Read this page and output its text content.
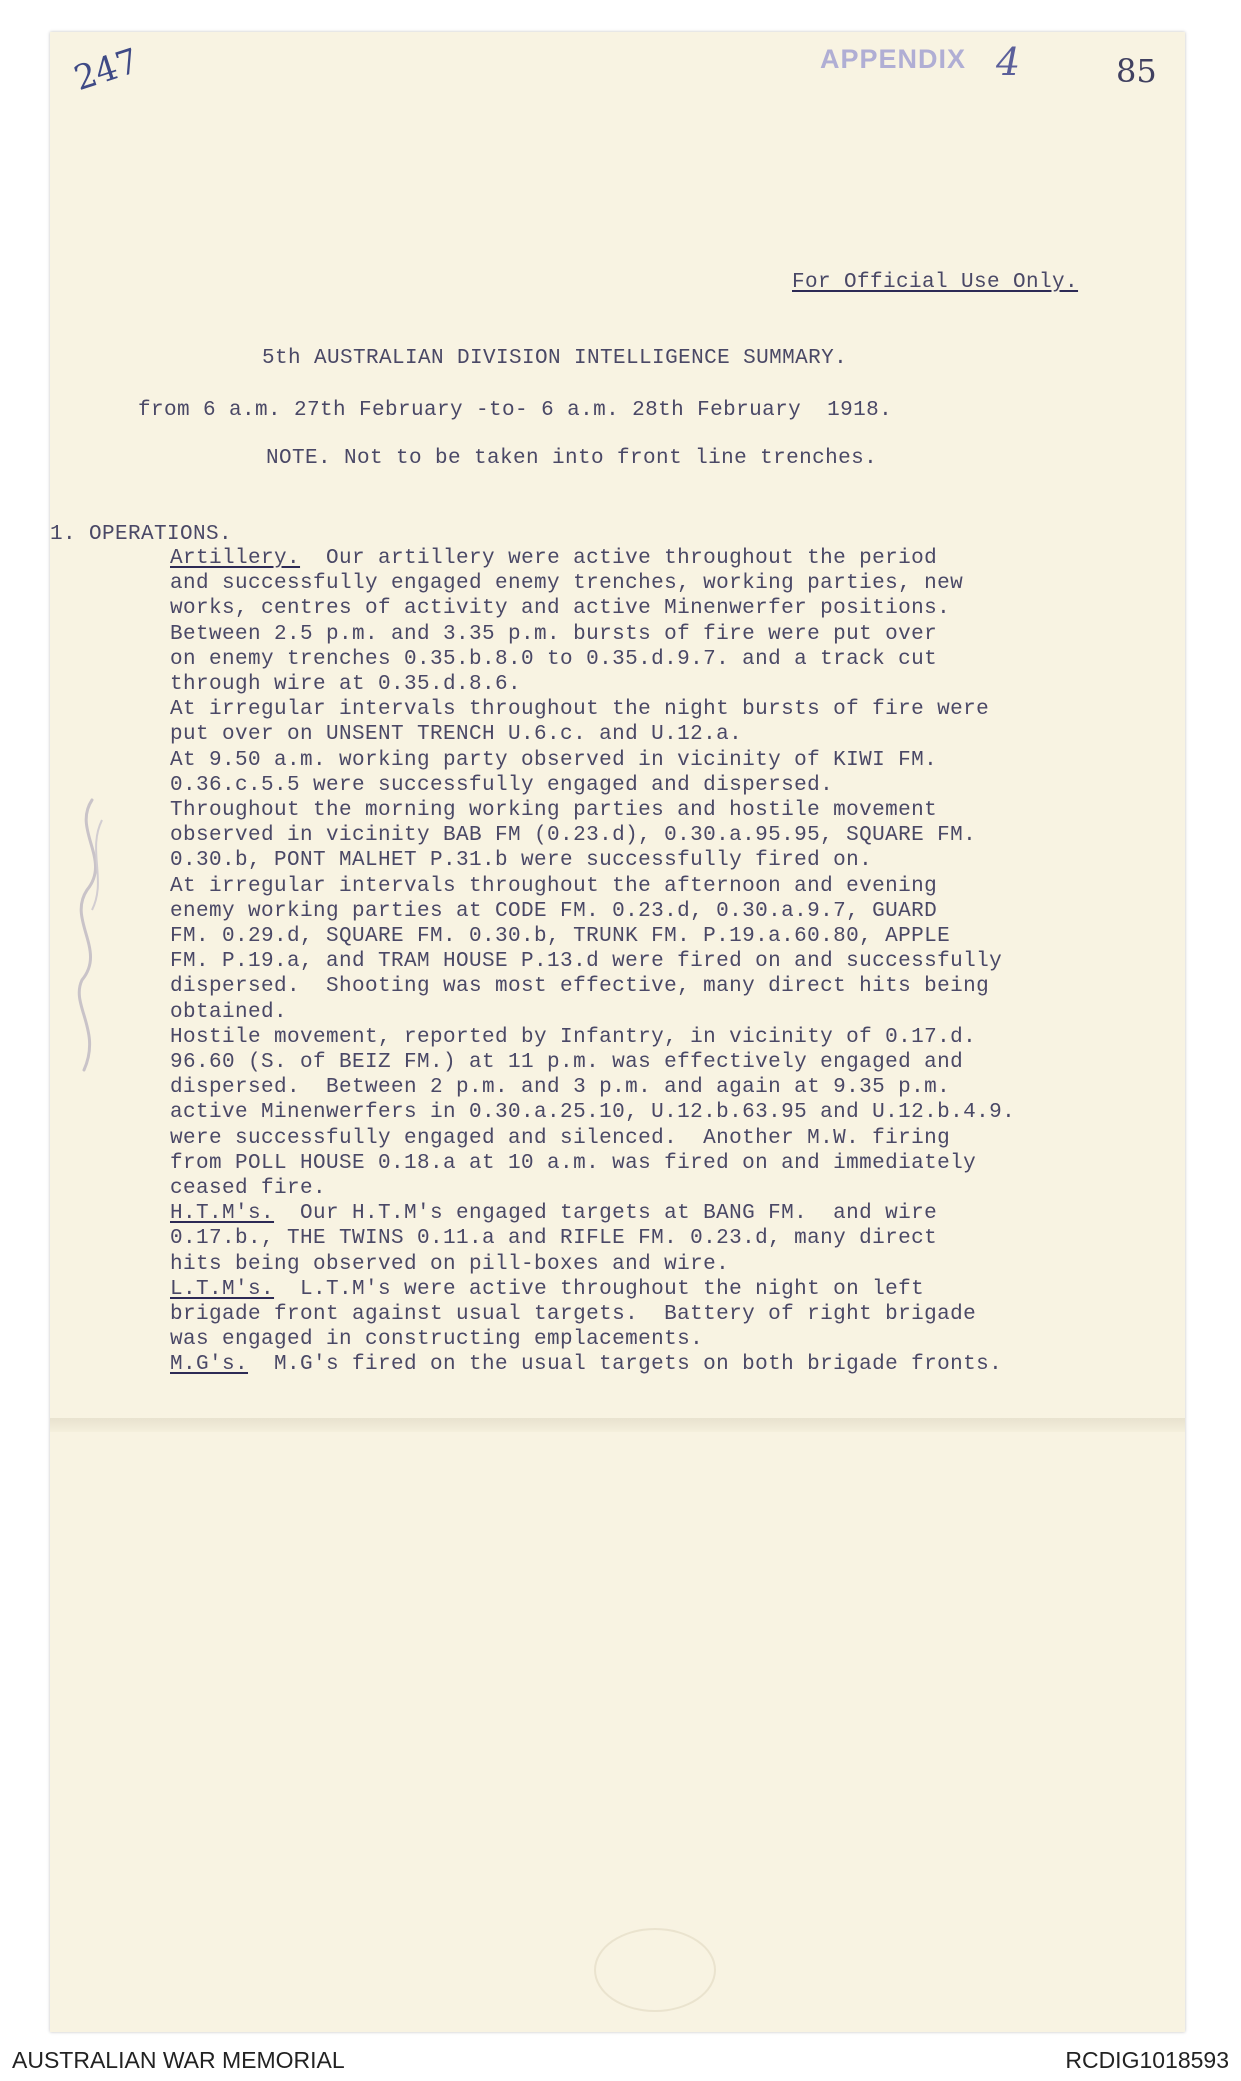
247	APPENDIX 4	85
For Official Use Only.
5th AUSTRALIAN DIVISION INTELLIGENCE SUMMARY.
from 6 a.m. 27th February -to- 6 a.m. 28th February  1918.
NOTE. Not to be taken into front line trenches.
1. OPERATIONS.
Artillery.  Our artillery were active throughout the period
and successfully engaged enemy trenches, working parties, new
works, centres of activity and active Minenwerfer positions.
Between 2.5 p.m. and 3.35 p.m. bursts of fire were put over
on enemy trenches 0.35.b.8.0 to 0.35.d.9.7. and a track cut
through wire at 0.35.d.8.6.
At irregular intervals throughout the night bursts of fire were
put over on UNSENT TRENCH U.6.c. and U.12.a.
At 9.50 a.m. working party observed in vicinity of KIWI FM.
0.36.c.5.5 were successfully engaged and dispersed.
Throughout the morning working parties and hostile movement
observed in vicinity BAB FM (0.23.d), 0.30.a.95.95, SQUARE FM.
0.30.b, PONT MALHET P.31.b were successfully fired on.
At irregular intervals throughout the afternoon and evening
enemy working parties at CODE FM. 0.23.d, 0.30.a.9.7, GUARD
FM. 0.29.d, SQUARE FM. 0.30.b, TRUNK FM. P.19.a.60.80, APPLE
FM. P.19.a, and TRAM HOUSE P.13.d were fired on and successfully
dispersed.  Shooting was most effective, many direct hits being
obtained.
Hostile movement, reported by Infantry, in vicinity of 0.17.d.
96.60 (S. of BEIZ FM.) at 11 p.m. was effectively engaged and
dispersed.  Between 2 p.m. and 3 p.m. and again at 9.35 p.m.
active Minenwerfers in 0.30.a.25.10, U.12.b.63.95 and U.12.b.4.9.
were successfully engaged and silenced.  Another M.W. firing
from POLL HOUSE 0.18.a at 10 a.m. was fired on and immediately
ceased fire.
H.T.M's.  Our H.T.M's engaged targets at BANG FM.  and wire
0.17.b., THE TWINS 0.11.a and RIFLE FM. 0.23.d, many direct
hits being observed on pill-boxes and wire.
L.T.M's.  L.T.M's were active throughout the night on left
brigade front against usual targets.  Battery of right brigade
was engaged in constructing emplacements.
M.G's.  M.G's fired on the usual targets on both brigade fronts.
AUSTRALIAN WAR MEMORIAL	RCDIG1018593
